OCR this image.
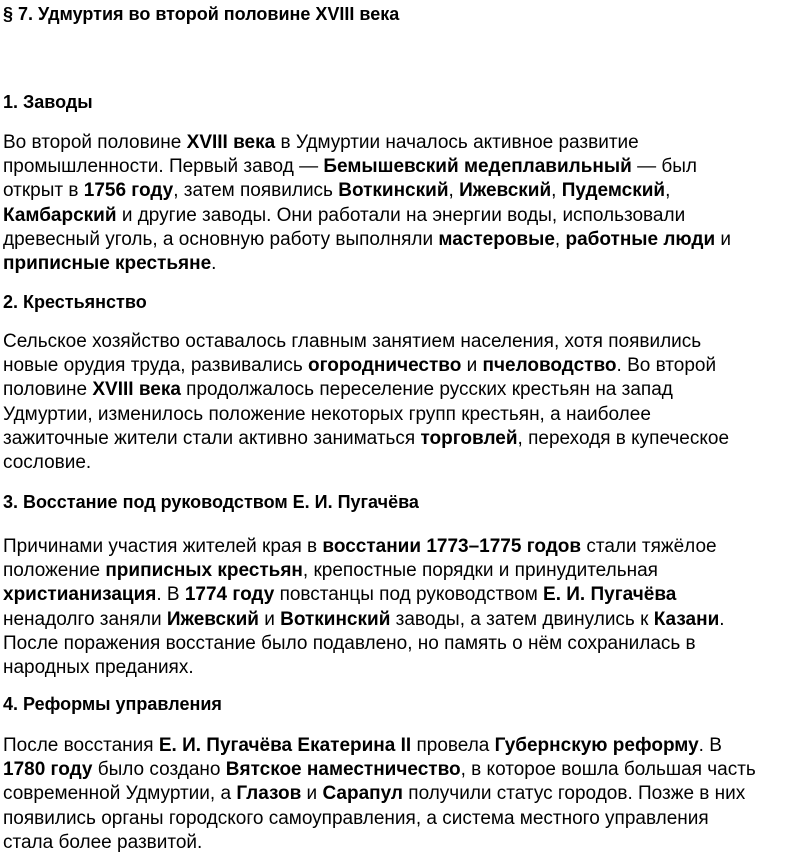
§ 7. Удмуртия во второй половине XVIII века
1. Заводы
Во второй половине XVIII века в Удмуртии началось активное развитие
промышленности. Первый завод — Бемышевский медеплавильный — был
открыт в 1756 году, затем появились Воткинский, Ижевский, Пудемский,
Камбарский и другие заводы. Они работали на энергии воды, использовали
древесный уголь, а основную работу выполняли мастеровые, работные люди и
приписные крестьяне.
2. Крестьянство
Сельское хозяйство оставалось главным занятием населения, хотя появились
новые орудия труда, развивались огородничество и пчеловодство. Во второй
половине XVIII века продолжалось переселение русских крестьян на запад
Удмуртии, изменилось положение некоторых групп крестьян, а наиболее
зажиточные жители стали активно заниматься торговлей, переходя в купеческое
сословие.
3. Восстание под руководством Е. И. Пугачёва
Причинами участия жителей края в восстании 1773–1775 годов стали тяжёлое
положение приписных крестьян, крепостные порядки и принудительная
христианизация. В 1774 году повстанцы под руководством Е. И. Пугачёва
ненадолго заняли Ижевский и Воткинский заводы, а затем двинулись к Казани.
После поражения восстание было подавлено, но память о нём сохранилась в
народных преданиях.
4. Реформы управления
После восстания Е. И. Пугачёва Екатерина II провела Губернскую реформу. В
1780 году было создано Вятское наместничество, в которое вошла большая часть
современной Удмуртии, а Глазов и Сарапул получили статус городов. Позже в них
появились органы городского самоуправления, а система местного управления
стала более развитой.
